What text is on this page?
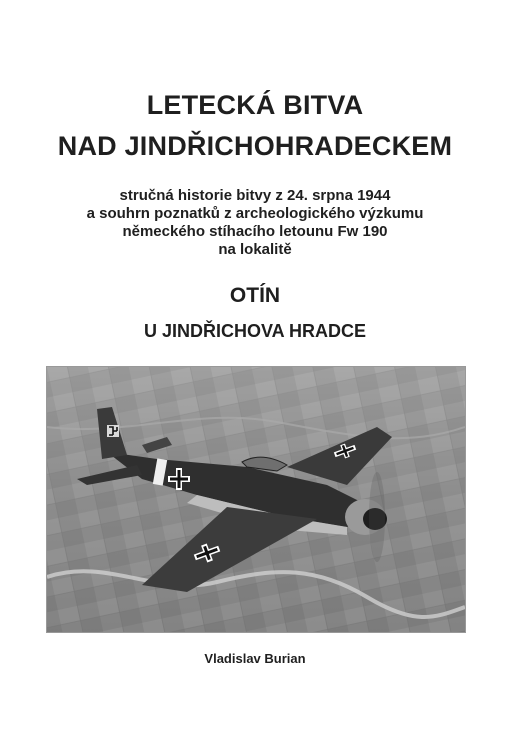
LETECKÁ BITVA
NAD JINDŘICHOHRADECKEM
stručná historie bitvy z 24. srpna 1944
a souhrn poznatků z archeologického výzkumu
německého stíhacího letounu Fw 190
na lokalitě
OTÍN
U JINDŘICHOVA HRADCE
Vladislav Burian
